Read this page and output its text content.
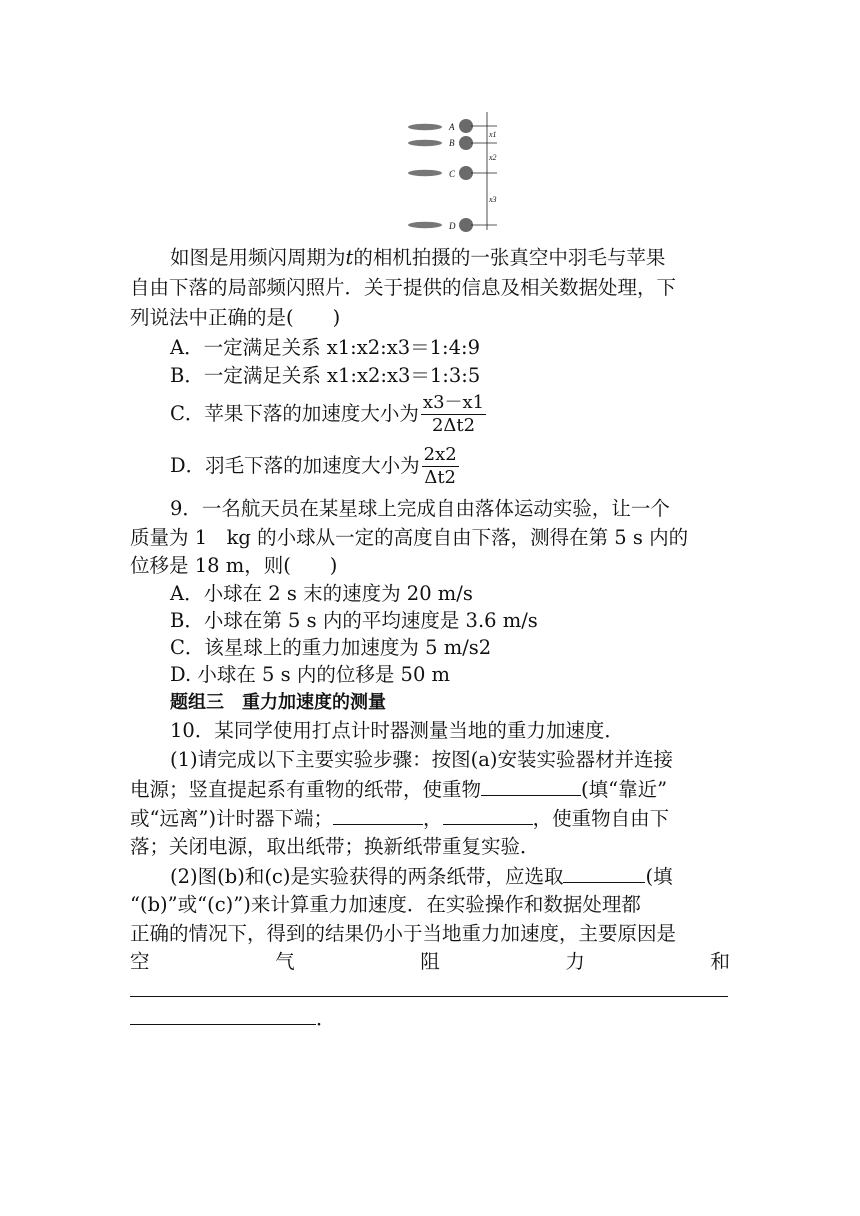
A
B
C
D
x1
x2
x3
如图是用频闪周期为t的相机拍摄的一张真空中羽毛与苹果
自由下落的局部频闪照片．关于提供的信息及相关数据处理，下
列说法中正确的是(　　)
A．一定满足关系 x1:x2:x3＝1:4:9
B．一定满足关系 x1:x2:x3＝1:3:5
C．苹果下落的加速度大小为 $\frac{x3-x1}{2\Delta t2}$
D．羽毛下落的加速度大小为 $\frac{2x2}{\Delta t2}$
9．一名航天员在某星球上完成自由落体运动实验，让一个
质量为 1　kg 的小球从一定的高度自由下落，测得在第 5 s 内的
位移是 18 m，则(　　)
A．小球在 2 s 末的速度为 20 m/s
B．小球在第 5 s 内的平均速度是 3.6 m/s
C．该星球上的重力加速度为 5 m/s2
D. 小球在 5 s 内的位移是 50 m
题组三　重力加速度的测量
10．某同学使用打点计时器测量当地的重力加速度．
(1)请完成以下主要实验步骤：按图(a)安装实验器材并连接
电源；竖直提起系有重物的纸带，使重物	(填“靠近”
或“远离”)计时器下端；	，	，使重物自由下
落；关闭电源，取出纸带；换新纸带重复实验．
(2)图(b)和(c)是实验获得的两条纸带，应选取	(填
“(b)”或“(c)”)来计算重力加速度．在实验操作和数据处理都
正确的情况下，得到的结果仍小于当地重力加速度，主要原因是
空	气	阻	力	和
．
